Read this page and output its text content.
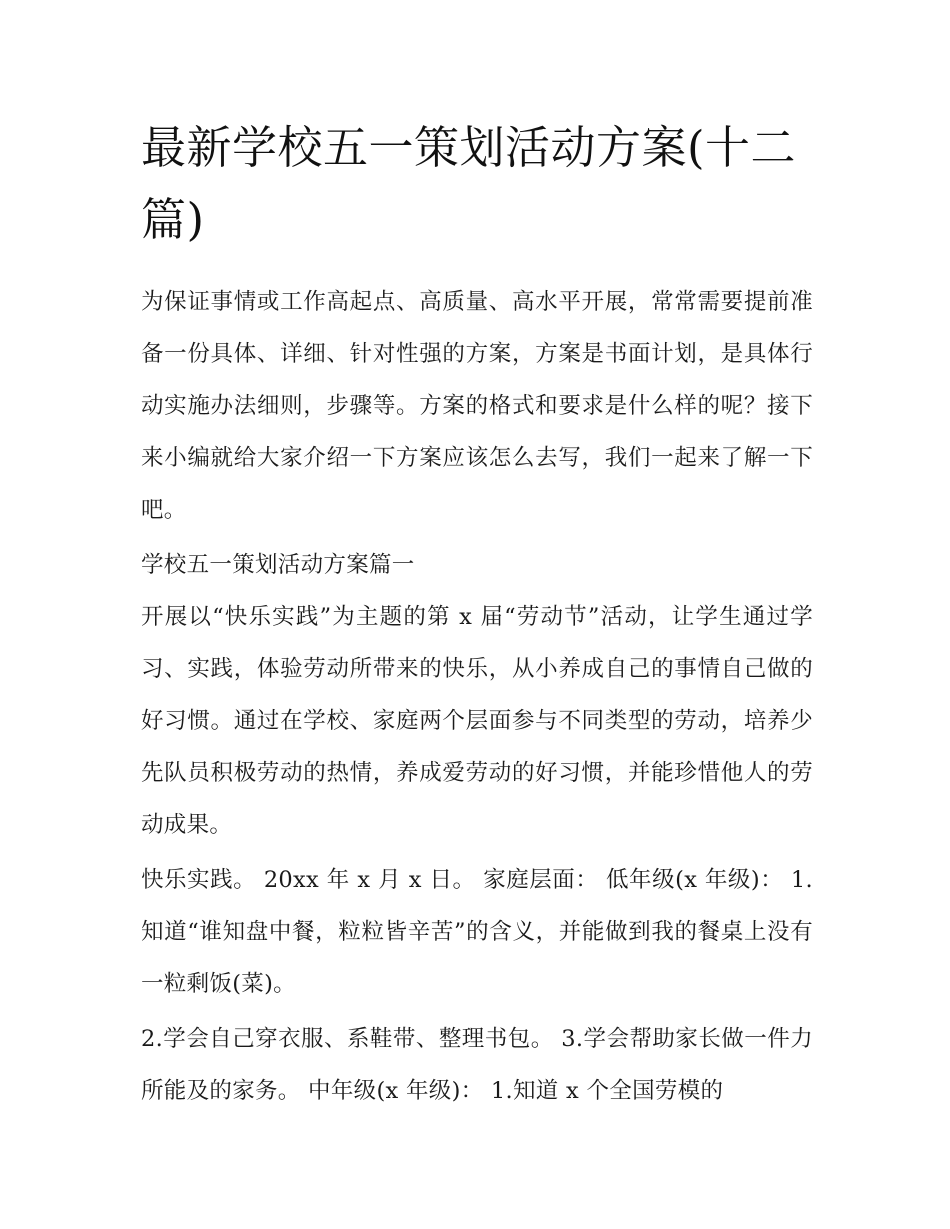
最新学校五一策划活动方案(十二篇)

为保证事情或工作高起点、高质量、高水平开展，常常需要提前准备一份具体、详细、针对性强的方案，方案是书面计划，是具体行动实施办法细则，步骤等。方案的格式和要求是什么样的呢？接下来小编就给大家介绍一下方案应该怎么去写，我们一起来了解一下吧。

学校五一策划活动方案篇一

开展以“快乐实践”为主题的第 x 届“劳动节”活动，让学生通过学习、实践，体验劳动所带来的快乐，从小养成自己的事情自己做的好习惯。通过在学校、家庭两个层面参与不同类型的劳动，培养少先队员积极劳动的热情，养成爱劳动的好习惯，并能珍惜他人的劳动成果。

快乐实践。 20xx 年 x 月 x 日。 家庭层面： 低年级(x 年级)： 1.知道“谁知盘中餐，粒粒皆辛苦”的含义，并能做到我的餐桌上没有一粒剩饭(菜)。

2.学会自己穿衣服、系鞋带、整理书包。 3.学会帮助家长做一件力所能及的家务。 中年级(x 年级)： 1.知道 x 个全国劳模的
